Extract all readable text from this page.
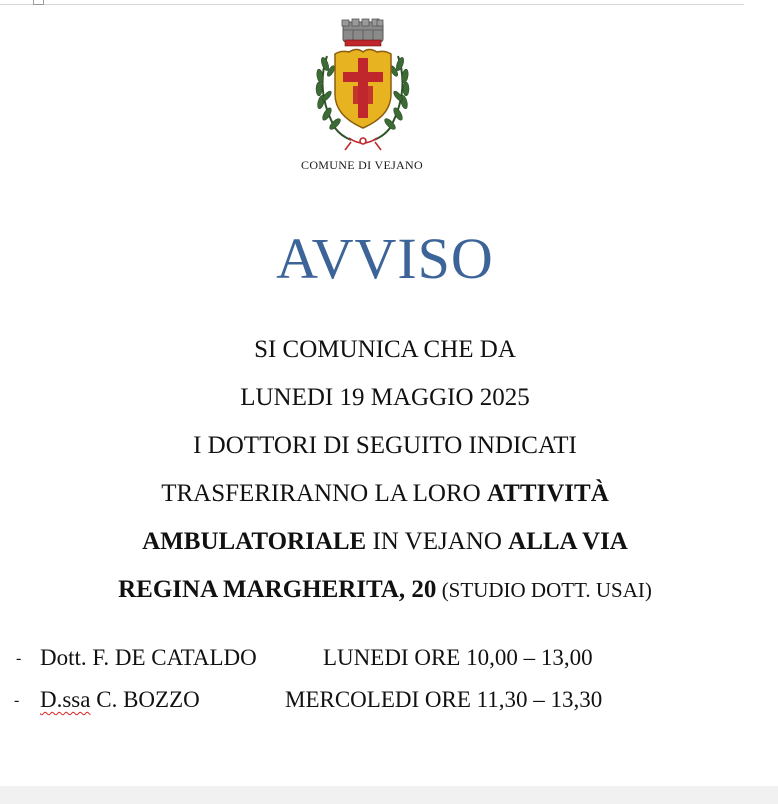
COMUNE DI VEJANO
AVVISO
SI COMUNICA CHE DA
LUNEDI 19 MAGGIO 2025
I DOTTORI DI SEGUITO INDICATI
TRASFERIRANNO LA LORO ATTIVITÀ
AMBULATORIALE IN VEJANO ALLA VIA
REGINA MARGHERITA, 20 (STUDIO DOTT. USAI)
- Dott. F. DE CATALDO	LUNEDI ORE 10,00 – 13,00
- D.ssa C. BOZZO	MERCOLEDI ORE 11,30 – 13,30
